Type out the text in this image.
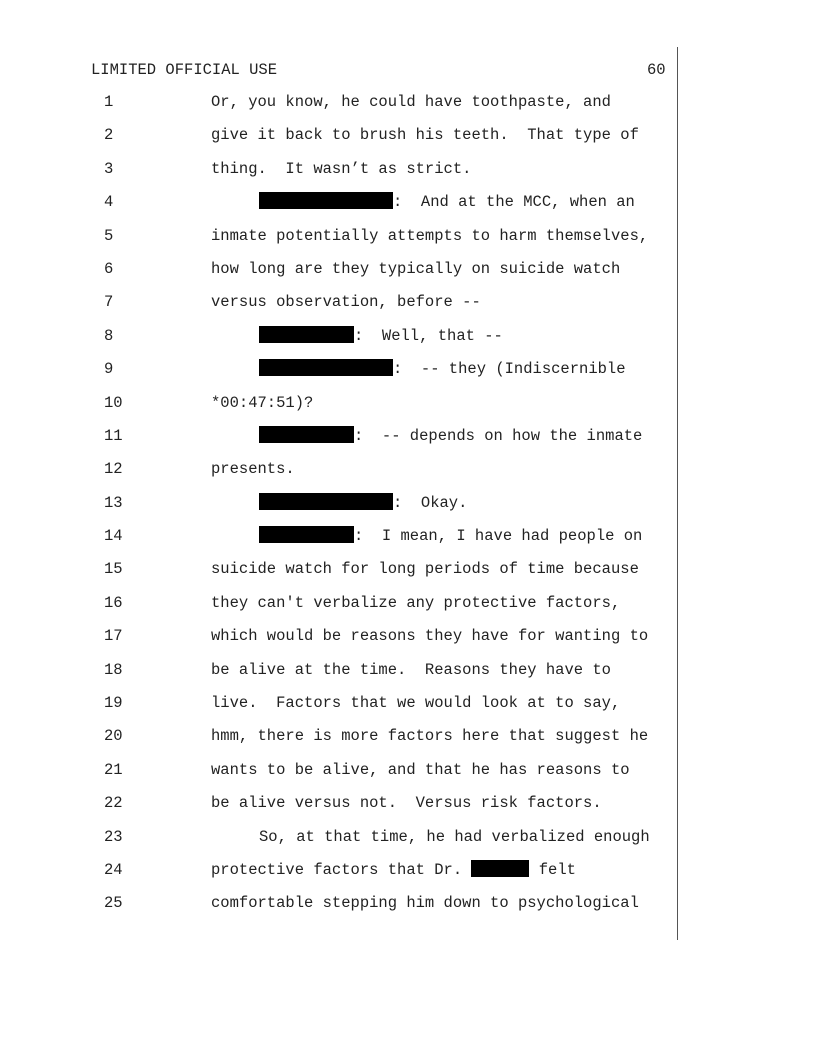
LIMITED OFFICIAL USE	60

1

	Or, you know, he could have toothpaste, and

2

	give it back to brush his teeth.  That type of

3

	thing.  It wasn’t as strict.

4

	:  And at the MCC, when an

5

	inmate potentially attempts to harm themselves,

6

	how long are they typically on suicide watch

7

	versus observation, before --

8

	:  Well, that --

9

	:  -- they (Indiscernible

10

	*00:47:51)?

11

	:  -- depends on how the inmate

12

	presents.

13

	:  Okay.

14

	:  I mean, I have had people on

15

	suicide watch for long periods of time because

16

	they can't verbalize any protective factors,

17

	which would be reasons they have for wanting to

18

	be alive at the time.  Reasons they have to

19

	live.  Factors that we would look at to say,

20

	hmm, there is more factors here that suggest he

21

	wants to be alive, and that he has reasons to

22

	be alive versus not.  Versus risk factors.

23

	So, at that time, he had verbalized enough

24

	protective factors that Dr.	felt

25

	comfortable stepping him down to psychological
